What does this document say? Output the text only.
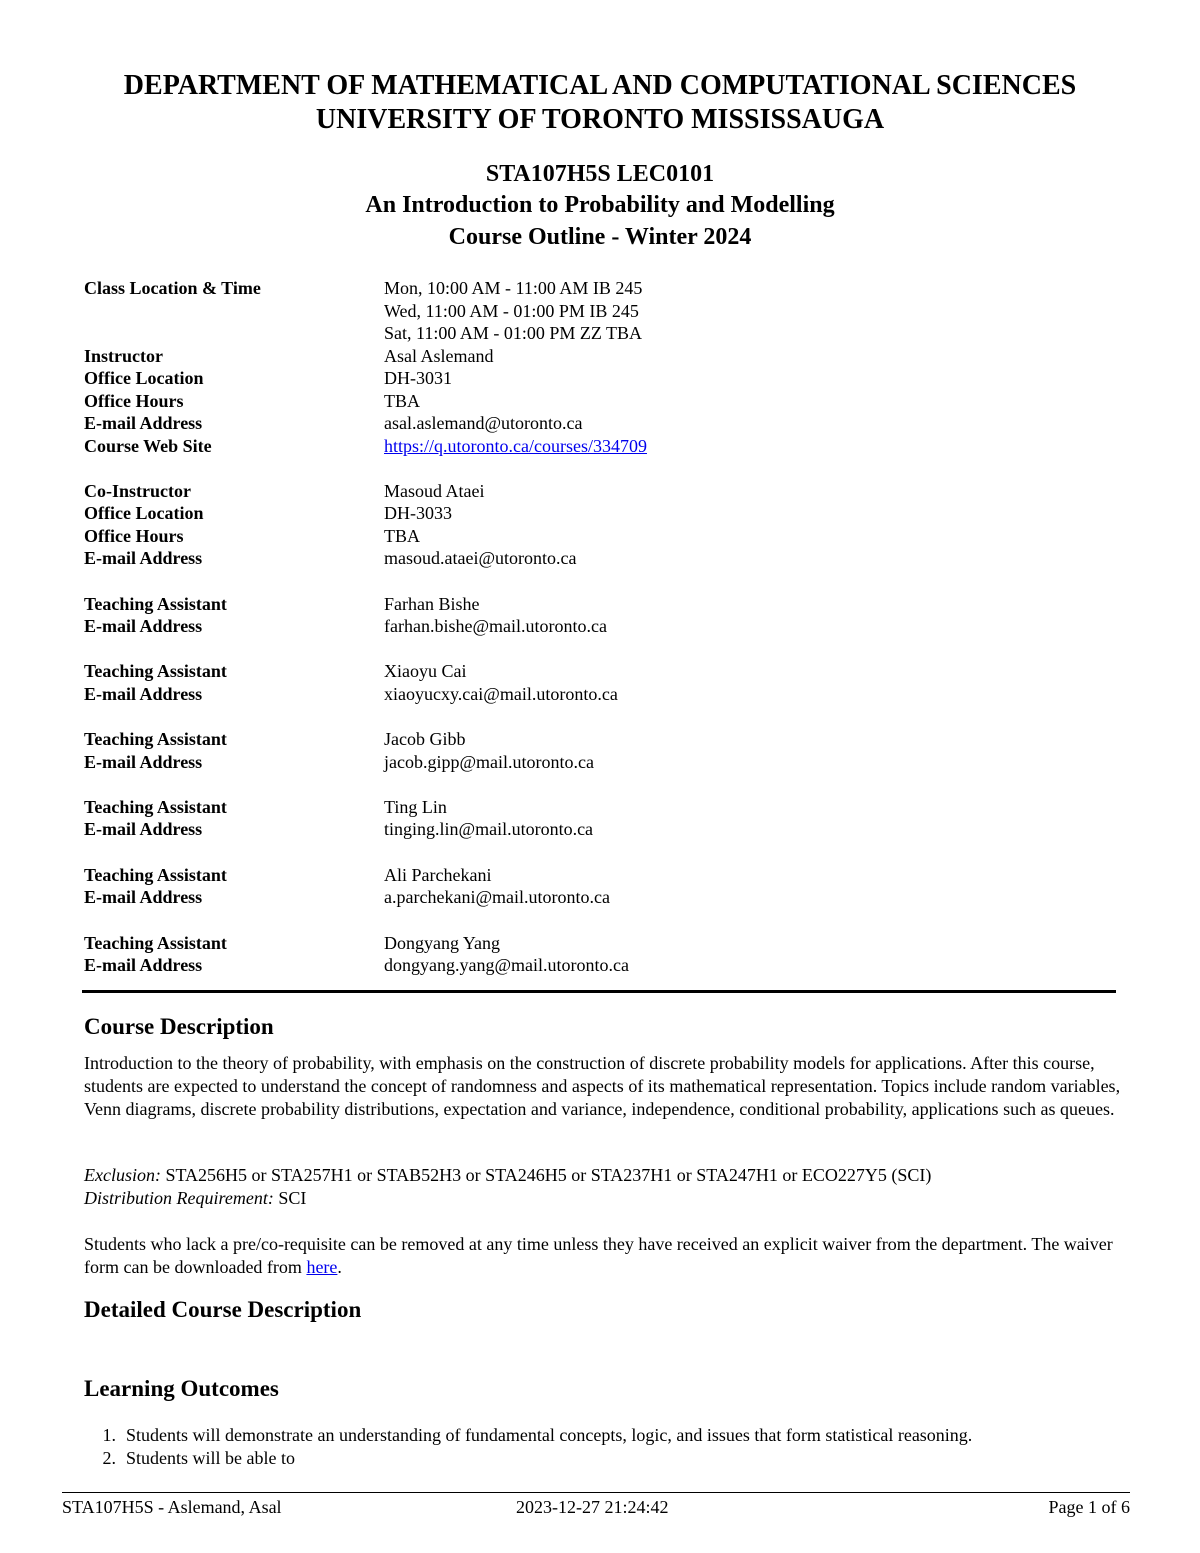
DEPARTMENT OF MATHEMATICAL AND COMPUTATIONAL SCIENCES
UNIVERSITY OF TORONTO MISSISSAUGA
STA107H5S LEC0101
An Introduction to Probability and Modelling
Course Outline - Winter 2024
Class Location & Time	Mon, 10:00 AM - 11:00 AM IB 245
Wed, 11:00 AM - 01:00 PM IB 245
Sat, 11:00 AM - 01:00 PM ZZ TBA
Instructor	Asal Aslemand
Office Location	DH-3031
Office Hours	TBA
E-mail Address	asal.aslemand@utoronto.ca
Course Web Site	https://q.utoronto.ca/courses/334709
Co-Instructor	Masoud Ataei
Office Location	DH-3033
Office Hours	TBA
E-mail Address	masoud.ataei@utoronto.ca
Teaching Assistant	Farhan Bishe
E-mail Address	farhan.bishe@mail.utoronto.ca
Teaching Assistant	Xiaoyu Cai
E-mail Address	xiaoyucxy.cai@mail.utoronto.ca
Teaching Assistant	Jacob Gibb
E-mail Address	jacob.gipp@mail.utoronto.ca
Teaching Assistant	Ting Lin
E-mail Address	tinging.lin@mail.utoronto.ca
Teaching Assistant	Ali Parchekani
E-mail Address	a.parchekani@mail.utoronto.ca
Teaching Assistant	Dongyang Yang
E-mail Address	dongyang.yang@mail.utoronto.ca
Course Description

Introduction to the theory of probability, with emphasis on the construction of discrete probability models for applications. After this course, students are expected to understand the concept of randomness and aspects of its mathematical representation. Topics include random variables, Venn diagrams, discrete probability distributions, expectation and variance, independence, conditional probability, applications such as queues.

Exclusion: STA256H5 or STA257H1 or STAB52H3 or STA246H5 or STA237H1 or STA247H1 or ECO227Y5 (SCI)

Distribution Requirement: SCI

Students who lack a pre/co-requisite can be removed at any time unless they have received an explicit waiver from the department. The waiver form can be downloaded from here.

Detailed Course Description
Learning Outcomes
1. Students will demonstrate an understanding of fundamental concepts, logic, and issues that form statistical reasoning.
2. Students will be able to
STA107H5S - Aslemand, Asal	2023-12-27 21:24:42	Page 1 of 6
